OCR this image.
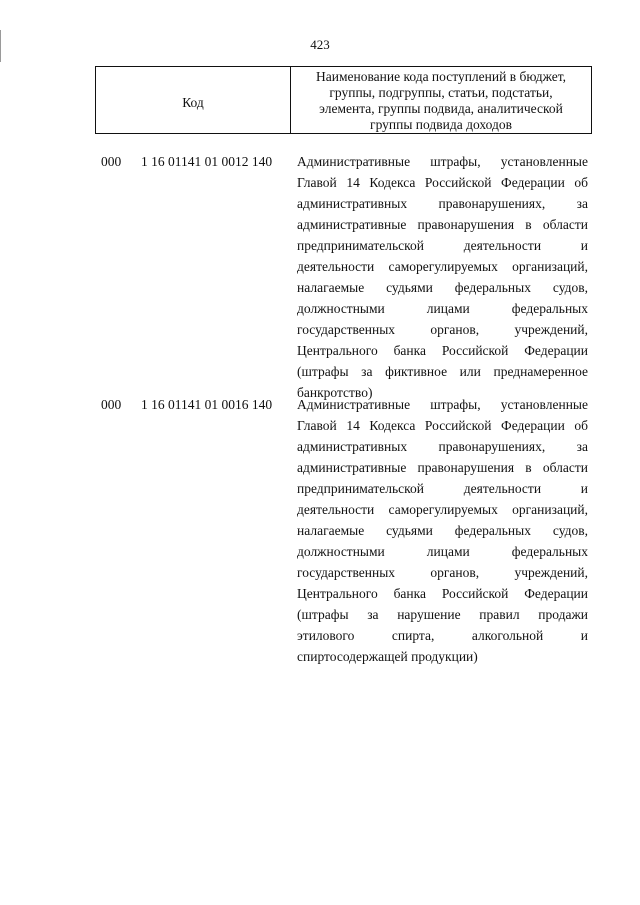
423
Код
Наименование кода поступлений в бюджет,
группы, подгруппы, статьи, подстатьи,
элемента, группы подвида, аналитической
группы подвида доходов
000 1 16 01141 01 0012 140 Административные штрафы, установленные
Главой 14 Кодекса Российской Федерации об
административных правонарушениях, за
административные правонарушения в области
предпринимательской деятельности и
деятельности саморегулируемых организаций,
налагаемые судьями федеральных судов,
должностными лицами федеральных
государственных органов, учреждений,
Центрального банка Российской Федерации
(штрафы за фиктивное или преднамеренное
банкротство)
000 1 16 01141 01 0016 140 Административные штрафы, установленные
Главой 14 Кодекса Российской Федерации об
административных правонарушениях, за
административные правонарушения в области
предпринимательской деятельности и
деятельности саморегулируемых организаций,
налагаемые судьями федеральных судов,
должностными лицами федеральных
государственных органов, учреждений,
Центрального банка Российской Федерации
(штрафы за нарушение правил продажи
этилового спирта, алкогольной и
спиртосодержащей продукции)
